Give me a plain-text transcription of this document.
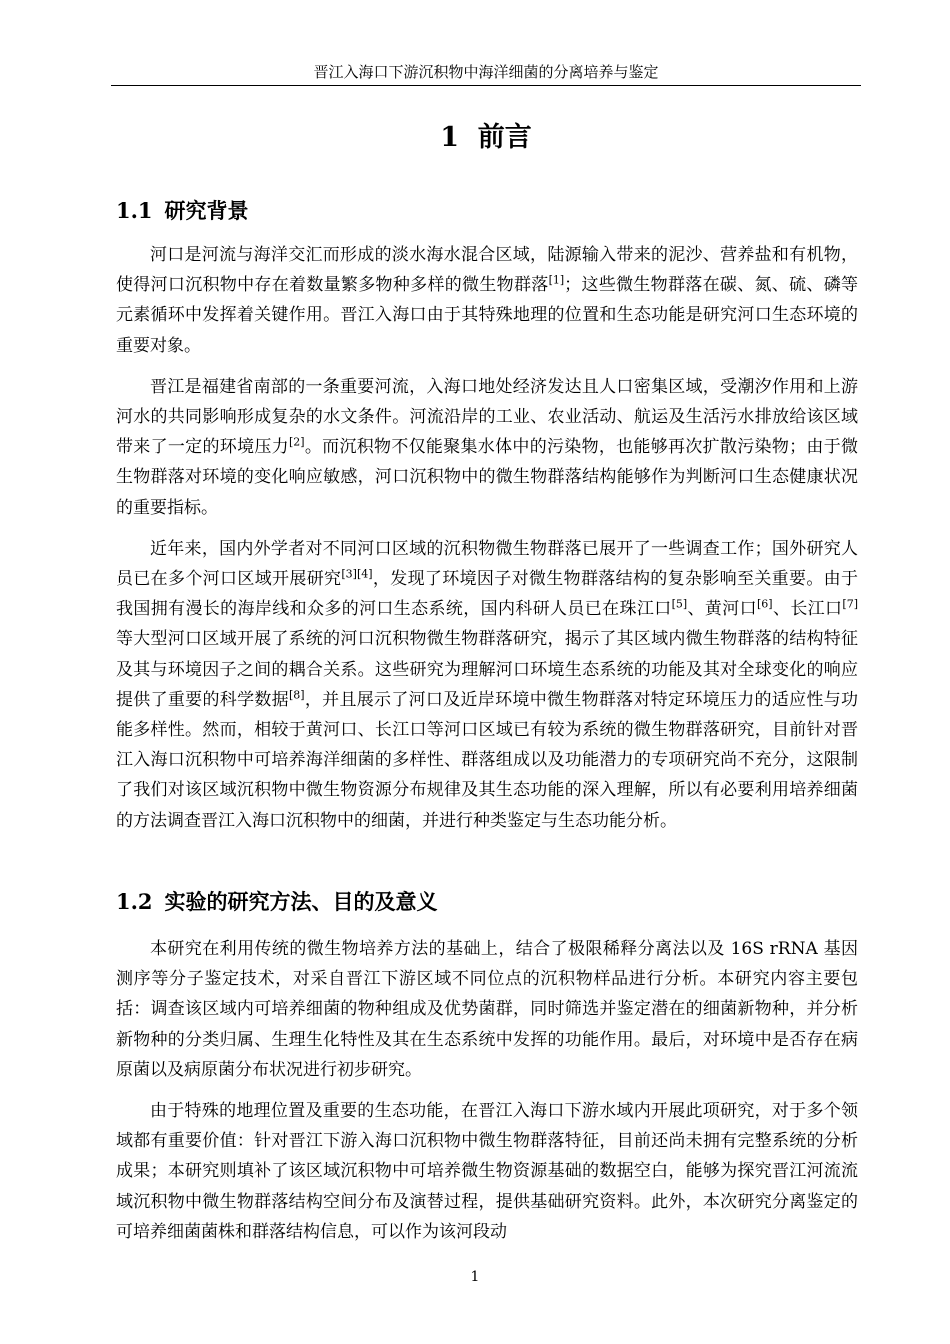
晋江入海口下游沉积物中海洋细菌的分离培养与鉴定
1 前言
1.1 研究背景

河口是河流与海洋交汇而形成的淡水海水混合区域，陆源输入带来的泥沙、营养盐和有机物，使得河口沉积物中存在着数量繁多物种多样的微生物群落[1]；这些微生物群落在碳、氮、硫、磷等元素循环中发挥着关键作用。晋江入海口由于其特殊地理的位置和生态功能是研究河口生态环境的重要对象。

晋江是福建省南部的一条重要河流，入海口地处经济发达且人口密集区域，受潮汐作用和上游河水的共同影响形成复杂的水文条件。河流沿岸的工业、农业活动、航运及生活污水排放给该区域带来了一定的环境压力[2]。而沉积物不仅能聚集水体中的污染物，也能够再次扩散污染物；由于微生物群落对环境的变化响应敏感，河口沉积物中的微生物群落结构能够作为判断河口生态健康状况的重要指标。

近年来，国内外学者对不同河口区域的沉积物微生物群落已展开了一些调查工作；国外研究人员已在多个河口区域开展研究[3][4]，发现了环境因子对微生物群落结构的复杂影响至关重要。由于我国拥有漫长的海岸线和众多的河口生态系统，国内科研人员已在珠江口[5]、黄河口[6]、长江口[7]等大型河口区域开展了系统的河口沉积物微生物群落研究，揭示了其区域内微生物群落的结构特征及其与环境因子之间的耦合关系。这些研究为理解河口环境生态系统的功能及其对全球变化的响应提供了重要的科学数据[8]，并且展示了河口及近岸环境中微生物群落对特定环境压力的适应性与功能多样性。然而，相较于黄河口、长江口等河口区域已有较为系统的微生物群落研究，目前针对晋江入海口沉积物中可培养海洋细菌的多样性、群落组成以及功能潜力的专项研究尚不充分，这限制了我们对该区域沉积物中微生物资源分布规律及其生态功能的深入理解，所以有必要利用培养细菌的方法调查晋江入海口沉积物中的细菌，并进行种类鉴定与生态功能分析。

1.2 实验的研究方法、目的及意义

本研究在利用传统的微生物培养方法的基础上，结合了极限稀释分离法以及 16S rRNA 基因测序等分子鉴定技术，对采自晋江下游区域不同位点的沉积物样品进行分析。本研究内容主要包括：调查该区域内可培养细菌的物种组成及优势菌群，同时筛选并鉴定潜在的细菌新物种，并分析新物种的分类归属、生理生化特性及其在生态系统中发挥的功能作用。最后，对环境中是否存在病原菌以及病原菌分布状况进行初步研究。

由于特殊的地理位置及重要的生态功能，在晋江入海口下游水域内开展此项研究，对于多个领域都有重要价值：针对晋江下游入海口沉积物中微生物群落特征，目前还尚未拥有完整系统的分析成果；本研究则填补了该区域沉积物中可培养微生物资源基础的数据空白，能够为探究晋江河流流域沉积物中微生物群落结构空间分布及演替过程，提供基础研究资料。此外，本次研究分离鉴定的可培养细菌菌株和群落结构信息，可以作为该河段动

1
